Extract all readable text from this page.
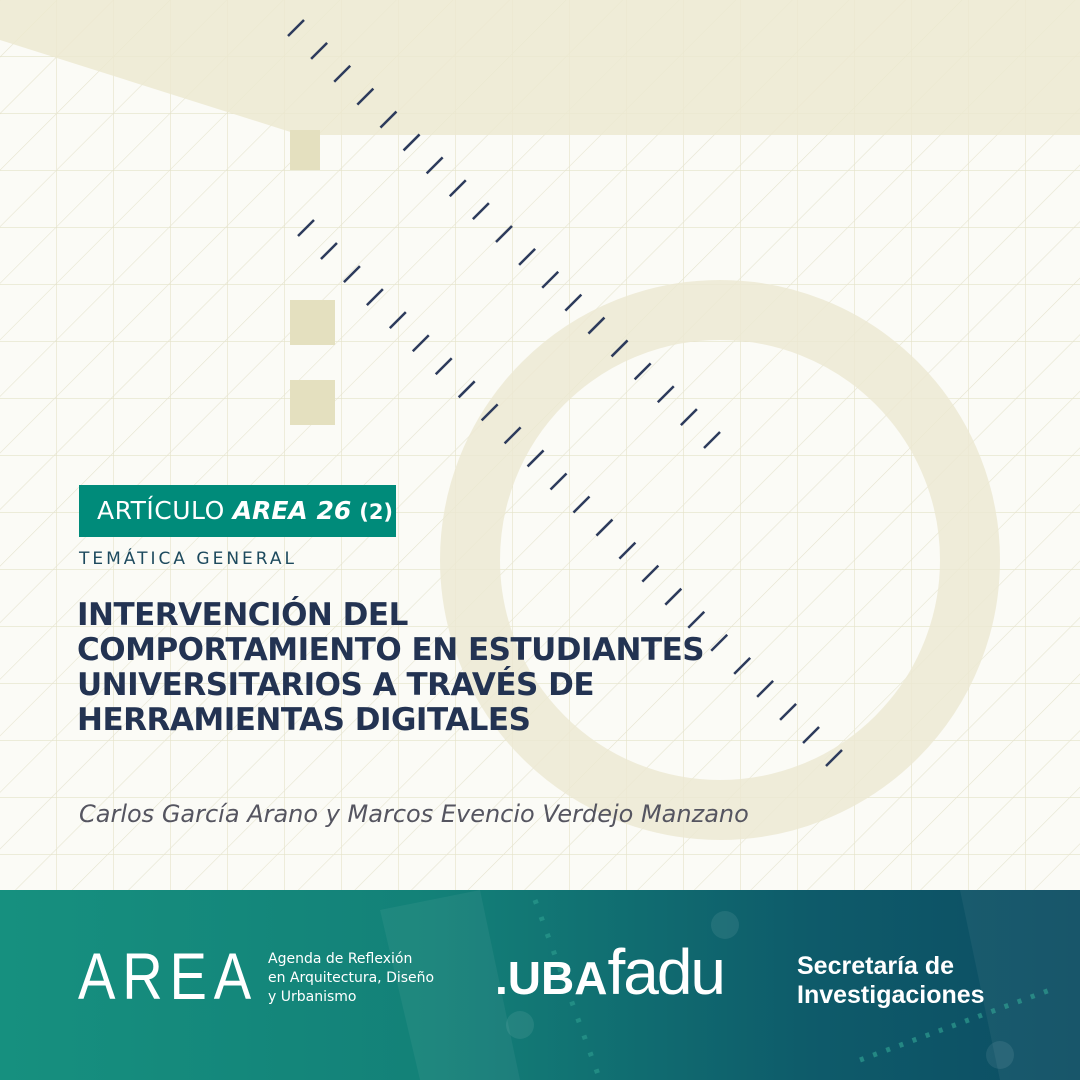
ARTÍCULO AREA 26 (2)
TEMÁTICA GENERAL
INTERVENCIÓN DEL
COMPORTAMIENTO EN ESTUDIANTES
UNIVERSITARIOS A TRAVÉS DE
HERRAMIENTAS DIGITALES
Carlos García Arano y Marcos Evencio Verdejo Manzano
AREA Agenda de Reflexión
en Arquitectura, Diseño
y Urbanismo	.UBAfadu	Secretaría de
Investigaciones
